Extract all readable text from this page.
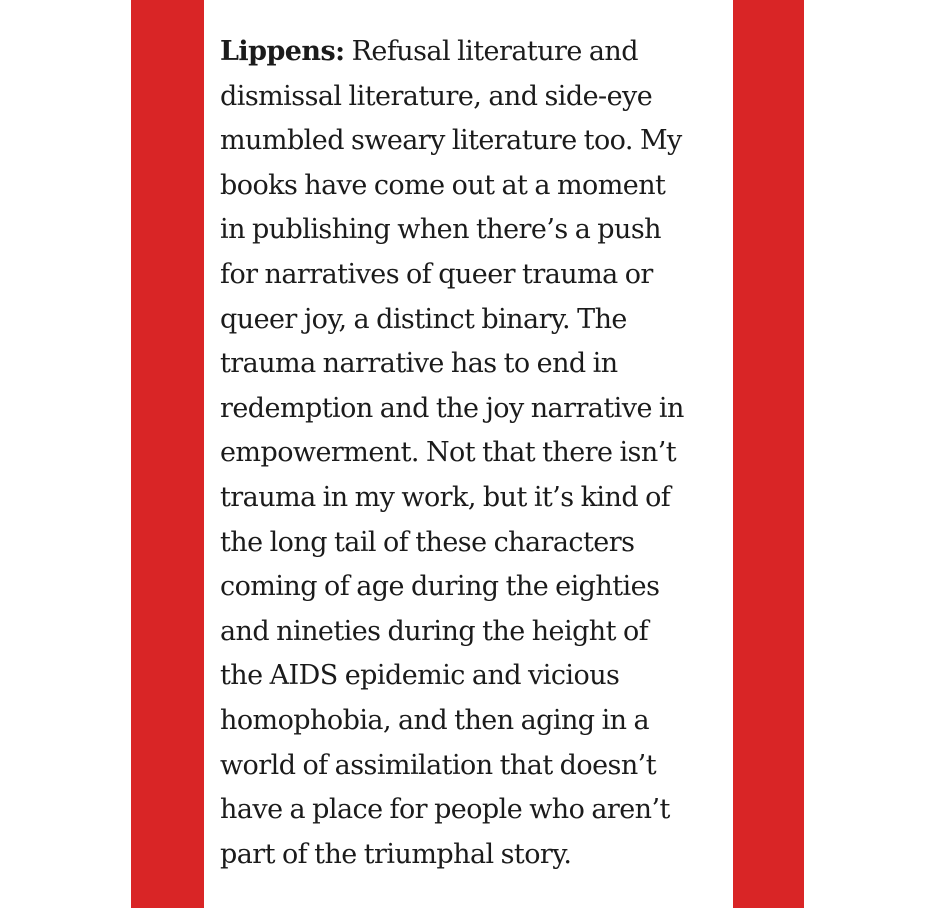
Lippens: Refusal literature and
dismissal literature, and side-eye
mumbled sweary literature too. My
books have come out at a moment
in publishing when there’s a push
for narratives of queer trauma or
queer joy, a distinct binary. The
trauma narrative has to end in
redemption and the joy narrative in
empowerment. Not that there isn’t
trauma in my work, but it’s kind of
the long tail of these characters
coming of age during the eighties
and nineties during the height of
the AIDS epidemic and vicious
homophobia, and then aging in a
world of assimilation that doesn’t
have a place for people who aren’t
part of the triumphal story.
